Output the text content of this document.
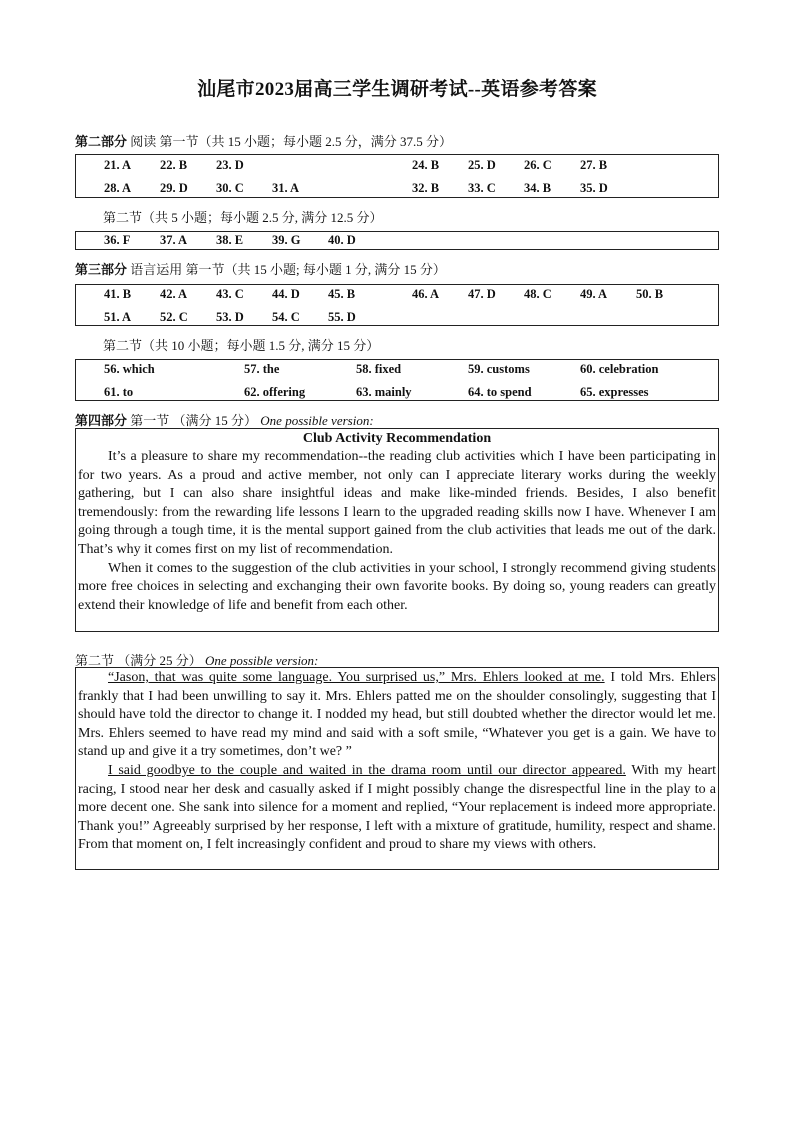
汕尾市2023届高三学生调研考试--英语参考答案
第二部分 阅读 第一节（共 15 小题；每小题 2.5 分，满分 37.5 分）
21. A 22. B 23. D	24. B 25. D 26. C 27. B
28. A 29. D 30. C 31. A	32. B 33. C 34. B 35. D
第二节（共 5 小题；每小题 2.5 分, 满分 12.5 分）
36. F 37. A 38. E 39. G 40. D
第三部分 语言运用 第一节（共 15 小题; 每小题 1 分, 满分 15 分）
41. B 42. A 43. C 44. D 45. B	46. A 47. D 48. C 49. A 50. B
51. A 52. C 53. D 54. C 55. D
第二节（共 10 小题；每小题 1.5 分, 满分 15 分）
56. which	57. the	58. fixed	59. customs	60. celebration
61. to	62. offering	63. mainly	64. to spend	65. expresses
第四部分 第一节 （满分 15 分） One possible version:

Club Activity Recommendation

It’s a pleasure to share my recommendation--the reading club activities which I have been participating in for two years. As a proud and active member, not only can I appreciate literary works during the weekly gathering, but I can also share insightful ideas and make like-minded friends. Besides, I also benefit tremendously: from the rewarding life lessons I learn to the upgraded reading skills now I have. Whenever I am going through a tough time, it is the mental support gained from the club activities that leads me out of the dark. That’s why it comes first on my list of recommendation.

When it comes to the suggestion of the club activities in your school, I strongly recommend giving students more free choices in selecting and exchanging their own favorite books. By doing so, young readers can greatly extend their knowledge of life and benefit from each other.

第二节 （满分 25 分） One possible version:

“Jason, that was quite some language. You surprised us,” Mrs. Ehlers looked at me. I told Mrs. Ehlers frankly that I had been unwilling to say it. Mrs. Ehlers patted me on the shoulder consolingly, suggesting that I should have told the director to change it. I nodded my head, but still doubted whether the director would let me. Mrs. Ehlers seemed to have read my mind and said with a soft smile, “Whatever you get is a gain. We have to stand up and give it a try sometimes, don’t we? ”

I said goodbye to the couple and waited in the drama room until our director appeared. With my heart racing, I stood near her desk and casually asked if I might possibly change the disrespectful line in the play to a more decent one. She sank into silence for a moment and replied, “Your replacement is indeed more appropriate. Thank you!” Agreeably surprised by her response, I left with a mixture of gratitude, humility, respect and shame. From that moment on, I felt increasingly confident and proud to share my views with others.
